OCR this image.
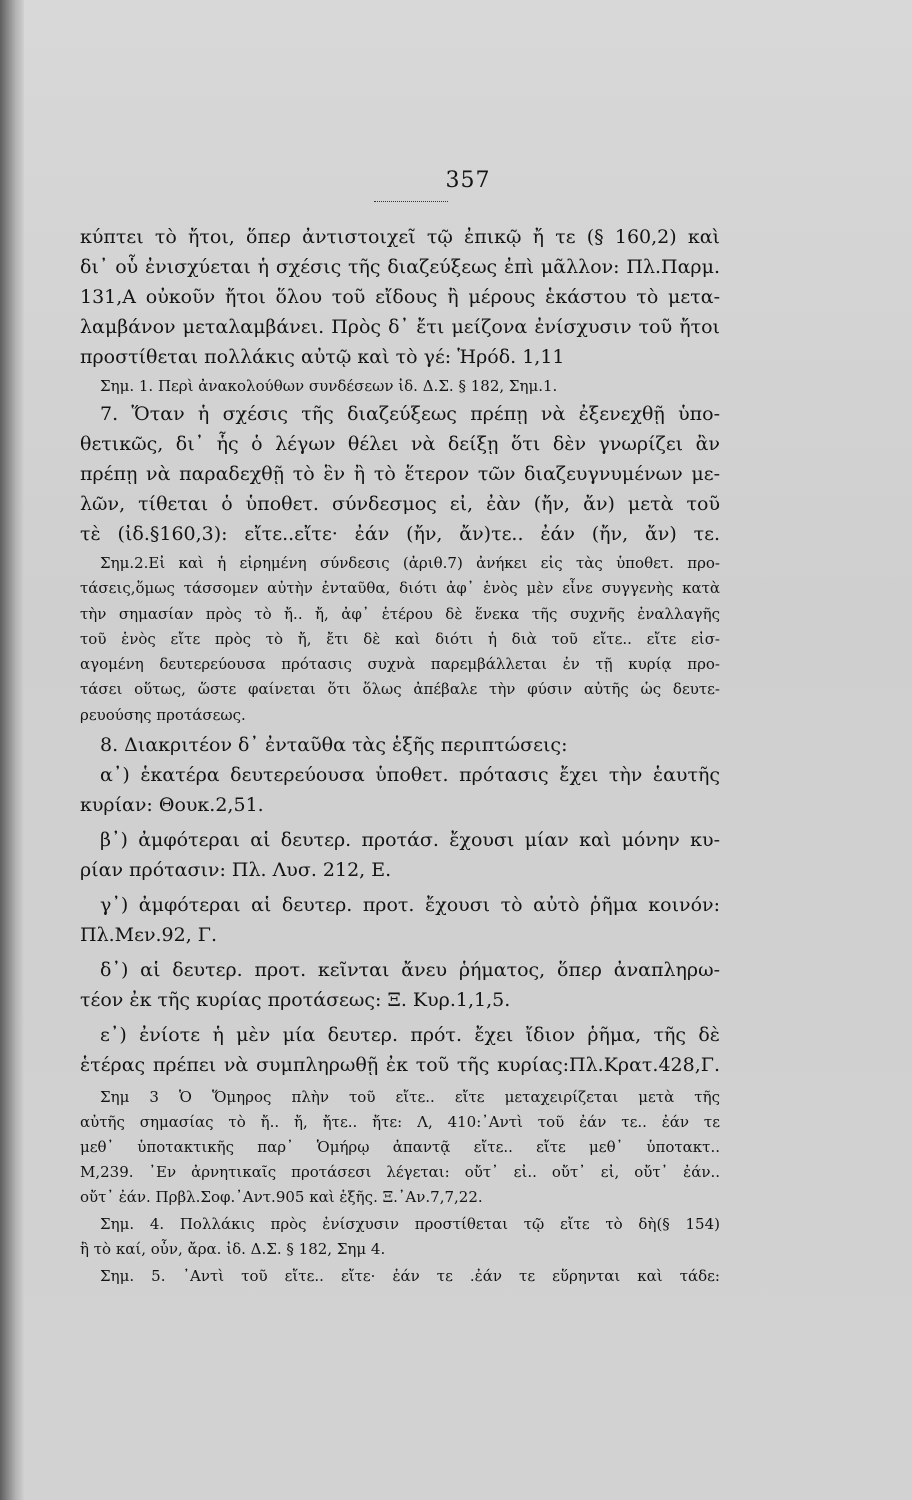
357
κύπτει τὸ ἤτοι, ὅπερ ἀντιστοιχεῖ τῷ ἐπικῷ ἤ τε (§ 160,2) καὶ
δι᾽ οὗ ἐνισχύεται ἡ σχέσις τῆς διαζεύξεως ἐπὶ μᾶλλον: Πλ.Παρμ.
131,Α οὐκοῦν ἤτοι ὅλου τοῦ εἴδους ἢ μέρους ἑκάστου τὸ μετα-
λαμβάνον μεταλαμβάνει. Πρὸς δ᾽ ἔτι μείζονα ἐνίσχυσιν τοῦ ἤτοι
προστίθεται πολλάκις αὐτῷ καὶ τὸ γέ: Ἡρόδ. 1,11
Σημ. 1. Περὶ ἀνακολούθων συνδέσεων ἰδ. Δ.Σ. § 182, Σημ.1.
7. Ὅταν ἡ σχέσις τῆς διαζεύξεως πρέπῃ νὰ ἐξενεχθῇ ὑπο-
θετικῶς, δι᾽ ἧς ὁ λέγων θέλει νὰ δείξῃ ὅτι δὲν γνωρίζει ἂν
πρέπῃ νὰ παραδεχθῇ τὸ ἓν ἢ τὸ ἕτερον τῶν διαζευγνυμένων με-
λῶν, τίθεται ὁ ὑποθετ. σύνδεσμος εἰ, ἐὰν (ἤν, ἄν) μετὰ τοῦ
τὲ (ἰδ.§160,3): εἴτε..εἴτε· ἐάν (ἤν, ἄν)τε.. ἐάν (ἤν, ἄν) τε.
Σημ.2.Εἰ καὶ ἡ εἰρημένη σύνδεσις (ἀριθ.7) ἀνήκει εἰς τὰς ὑποθετ. προ-
τάσεις,ὅμως τάσσομεν αὐτὴν ἐνταῦθα, διότι ἀφ᾽ ἑνὸς μὲν εἶνε συγγενὴς κατὰ
τὴν σημασίαν πρὸς τὸ ἤ.. ἤ, ἀφ᾽ ἑτέρου δὲ ἕνεκα τῆς συχνῆς ἐναλλαγῆς
τοῦ ἑνὸς εἴτε πρὸς τὸ ἤ, ἔτι δὲ καὶ διότι ἡ διὰ τοῦ εἴτε.. εἴτε εἰσ-
αγομένη δευτερεύουσα πρότασις συχνὰ παρεμβάλλεται ἐν τῇ κυρίᾳ προ-
τάσει οὕτως, ὥστε φαίνεται ὅτι ὅλως ἀπέβαλε τὴν φύσιν αὐτῆς ὡς δευτε-
ρευούσης προτάσεως.
8. Διακριτέον δ᾽ ἐνταῦθα τὰς ἑξῆς περιπτώσεις:
α᾽) ἑκατέρα δευτερεύουσα ὑποθετ. πρότασις ἔχει τὴν ἑαυτῆς
κυρίαν: Θουκ.2,51.
β᾽) ἀμφότεραι αἱ δευτερ. προτάσ. ἔχουσι μίαν καὶ μόνην κυ-
ρίαν πρότασιν: Πλ. Λυσ. 212, Ε.
γ᾽) ἀμφότεραι αἱ δευτερ. προτ. ἔχουσι τὸ αὐτὸ ῥῆμα κοινόν:
Πλ.Μεν.92, Γ.
δ᾽) αἱ δευτερ. προτ. κεῖνται ἄνευ ῥήματος, ὅπερ ἀναπληρω-
τέον ἐκ τῆς κυρίας προτάσεως: Ξ. Κυρ.1,1,5.
ε᾽) ἐνίοτε ἡ μὲν μία δευτερ. πρότ. ἔχει ἴδιον ῥῆμα, τῆς δὲ
ἑτέρας πρέπει νὰ συμπληρωθῇ ἐκ τοῦ τῆς κυρίας:Πλ.Κρατ.428,Γ.
Σημ 3 Ὁ Ὅμηρος πλὴν τοῦ εἴτε.. εἴτε μεταχειρίζεται μετὰ τῆς
αὐτῆς σημασίας τὸ ἤ.. ἤ, ἤτε.. ἤτε: Λ, 410:᾽Αντὶ τοῦ ἐάν τε.. ἐάν τε
μεθ᾽ ὑποτακτικῆς παρ᾽ Ὁμήρῳ ἀπαντᾷ εἴτε.. εἴτε μεθ᾽ ὑποτακτ..
Μ,239. ᾽Εν ἀρνητικαῖς προτάσεσι λέγεται: οὔτ᾽ εἰ.. οὔτ᾽ εἰ, οὔτ᾽ ἐάν..
οὔτ᾽ ἐάν. Πρβλ.Σοφ.᾽Αντ.905 καὶ ἑξῆς. Ξ.᾽Αν.7,7,22.
Σημ. 4. Πολλάκις πρὸς ἐνίσχυσιν προστίθεται τῷ εἴτε τὸ δὴ(§ 154)
ἢ τὸ καί, οὖν, ἄρα. ἰδ. Δ.Σ. § 182, Σημ 4.
Σημ. 5. ᾽Αντὶ τοῦ εἴτε.. εἴτε· ἐάν τε .ἐάν τε εὕρηνται καὶ τάδε:
